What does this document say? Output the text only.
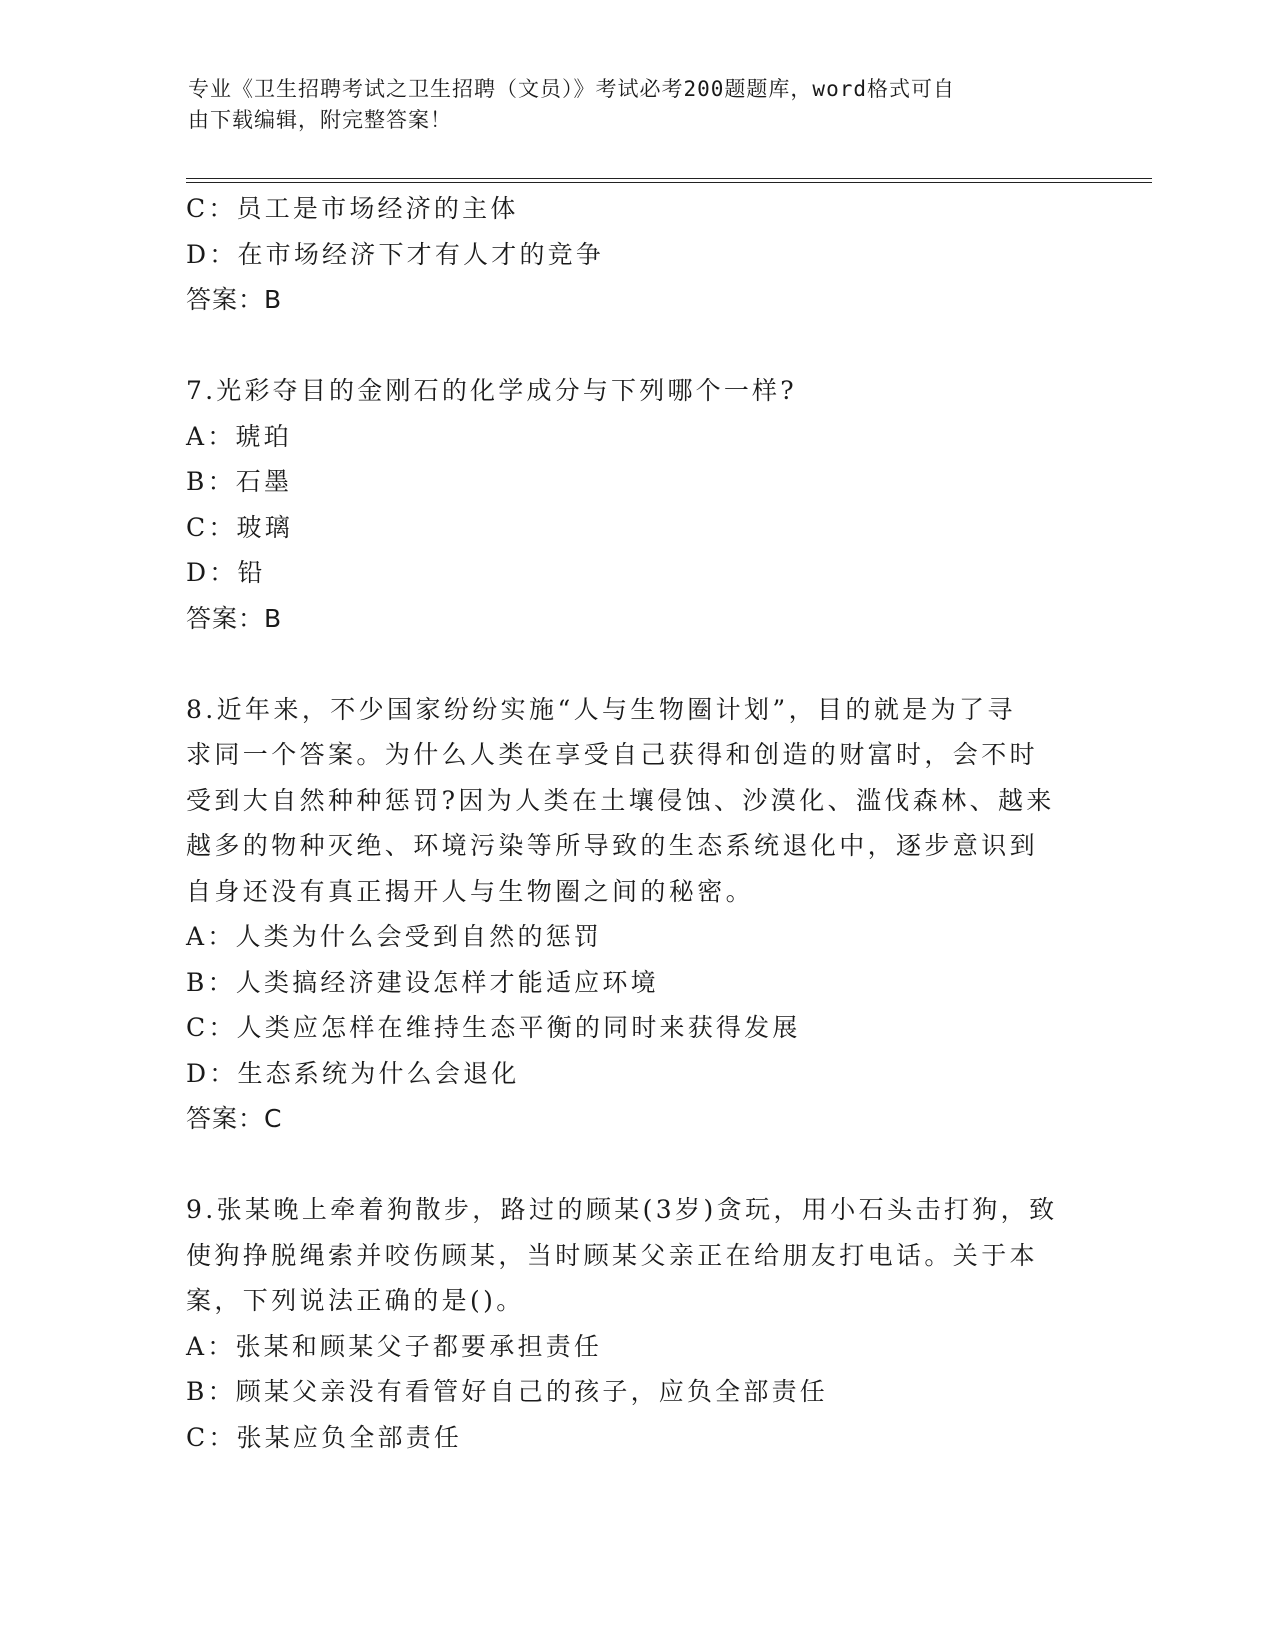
专业《卫生招聘考试之卫生招聘（文员）》考试必考200题题库，word格式可自
由下载编辑，附完整答案！
C：员工是市场经济的主体
D：在市场经济下才有人才的竞争
答案：B
7.光彩夺目的金刚石的化学成分与下列哪个一样?
A：琥珀
B：石墨
C：玻璃
D：铅
答案：B
8.近年来，不少国家纷纷实施“人与生物圈计划”，目的就是为了寻
求同一个答案。为什么人类在享受自己获得和创造的财富时，会不时
受到大自然种种惩罚?因为人类在土壤侵蚀、沙漠化、滥伐森林、越来
越多的物种灭绝、环境污染等所导致的生态系统退化中，逐步意识到
自身还没有真正揭开人与生物圈之间的秘密。
A：人类为什么会受到自然的惩罚
B：人类搞经济建设怎样才能适应环境
C：人类应怎样在维持生态平衡的同时来获得发展
D：生态系统为什么会退化
答案：C
9.张某晚上牵着狗散步，路过的顾某(3岁)贪玩，用小石头击打狗，致
使狗挣脱绳索并咬伤顾某，当时顾某父亲正在给朋友打电话。关于本
案，下列说法正确的是()。
A：张某和顾某父子都要承担责任
B：顾某父亲没有看管好自己的孩子，应负全部责任
C：张某应负全部责任
